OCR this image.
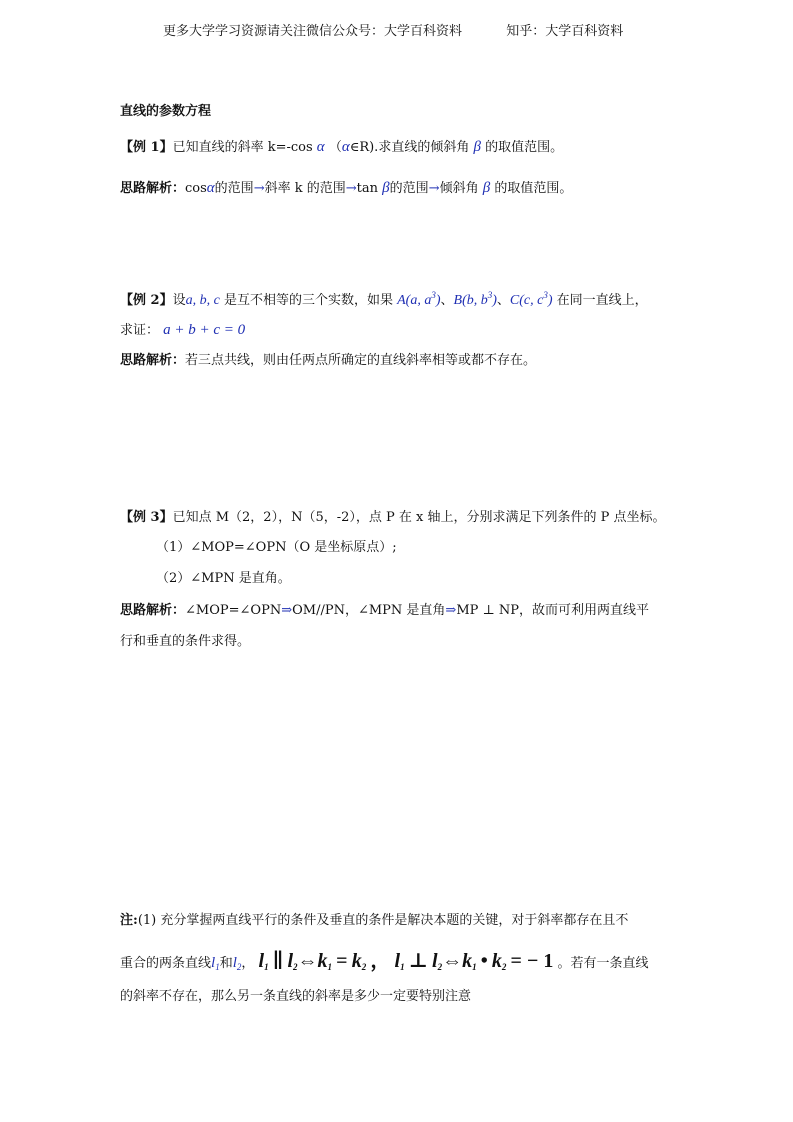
更多大学学习资源请关注微信公众号：大学百科资料	知乎：大学百科资料
直线的参数方程
【例 1】已知直线的斜率 k=-cos α （α∈R).求直线的倾斜角 β 的取值范围。
思路解析：cosα的范围→斜率 k 的范围→tan β的范围→倾斜角 β 的取值范围。
【例 2】设a, b, c 是互不相等的三个实数，如果 A(a, $a^3$)、B(b, $b^3$)、C(c, $c^3$) 在同一直线上，
求证： a + b + c = 0
思路解析：若三点共线，则由任两点所确定的直线斜率相等或都不存在。
【例 3】已知点 M（2，2），N（5，-2），点 P 在 x 轴上，分别求满足下列条件的 P 点坐标。
（1）∠MOP=∠OPN（O 是坐标原点）;
（2）∠MPN 是直角。
思路解析：∠MOP=∠OPN⇒OM//PN，∠MPN 是直角⇒MP ⊥ NP，故而可利用两直线平
行和垂直的条件求得。
注:(1) 充分掌握两直线平行的条件及垂直的条件是解决本题的关键，对于斜率都存在且不
重合的两条直线$l_1$和$l_2$， $l_1$ ∥ $l_2\Leftrightarrow k_1 = k_2$ ， $l_1$ ⊥ $l_2\Leftrightarrow k_1$ • $k_2$ = − 1 。若有一条直线
的斜率不存在，那么另一条直线的斜率是多少一定要特别注意
